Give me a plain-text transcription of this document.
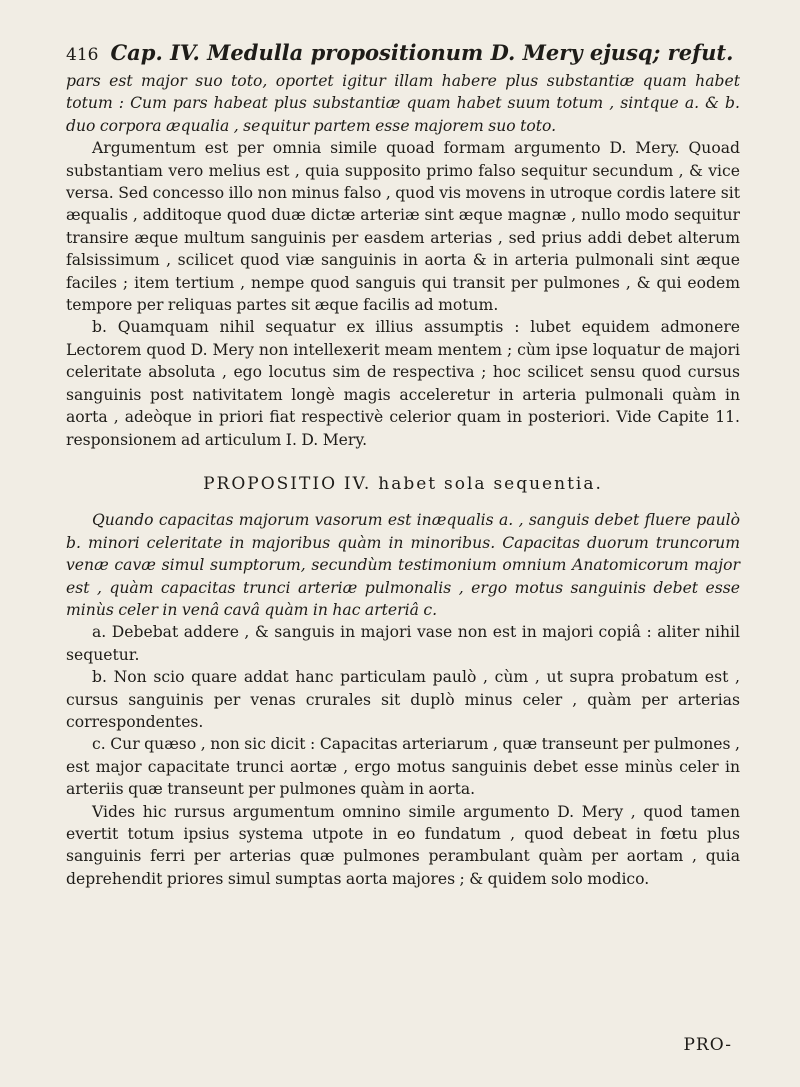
416 Cap. IV. Medulla propositionum D. Mery ejusq; refut.

pars est major suo toto, oportet igitur illam habere plus substantiæ quam habet totum : Cum pars habeat plus substantiæ quam habet suum totum , sintque a. & b. duo corpora æqualia , sequitur partem esse majorem suo toto.

Argumentum est per omnia simile quoad formam argumento D. Mery. Quoad substantiam vero melius est , quia supposito primo falso sequitur secundum , & vice versa. Sed concesso illo non minus falso , quod vis movens in utroque cordis latere sit æqualis , additoque quod duæ dictæ arteriæ sint æque magnæ , nullo modo sequitur transire æque multum sanguinis per easdem arterias , sed prius addi debet alterum falsissimum , scilicet quod viæ sanguinis in aorta & in arteria pulmonali sint æque faciles ; item tertium , nempe quod sanguis qui transit per pulmones , & qui eodem tempore per reliquas partes sit æque facilis ad motum.

b. Quamquam nihil sequatur ex illius assumptis : lubet equidem admonere Lectorem quod D. Mery non intellexerit meam mentem ; cùm ipse loquatur de majori celeritate absoluta , ego locutus sim de respectiva ; hoc scilicet sensu quod cursus sanguinis post nativitatem longè magis acceleretur in arteria pulmonali quàm in aorta , adeòque in priori fiat respectivè celerior quam in posteriori. Vide Capite 11. responsionem ad articulum I. D. Mery.

PROPOSITIO IV. habet sola sequentia.

Quando capacitas majorum vasorum est inæqualis a. , sanguis debet fluere paulò b. minori celeritate in majoribus quàm in minoribus. Capacitas duorum truncorum venæ cavæ simul sumptorum, secundùm testimonium omnium Anatomicorum major est , quàm capacitas trunci arteriæ pulmonalis , ergo motus sanguinis debet esse minùs celer in venâ cavâ quàm in hac arteriâ c.

a. Debebat addere , & sanguis in majori vase non est in majori copiâ : aliter nihil sequetur.

b. Non scio quare addat hanc particulam paulò , cùm , ut supra probatum est , cursus sanguinis per venas crurales sit duplò minus celer , quàm per arterias correspondentes.

c. Cur quæso , non sic dicit : Capacitas arteriarum , quæ transeunt per pulmones , est major capacitate trunci aortæ , ergo motus sanguinis debet esse minùs celer in arteriis quæ transeunt per pulmones quàm in aorta.

Vides hic rursus argumentum omnino simile argumento D. Mery , quod tamen evertit totum ipsius systema utpote in eo fundatum , quod debeat in fœtu plus sanguinis ferri per arterias quæ pulmones perambulant quàm per aortam , quia deprehendit priores simul sumptas aorta majores ; & quidem solo modico.

PRO-
